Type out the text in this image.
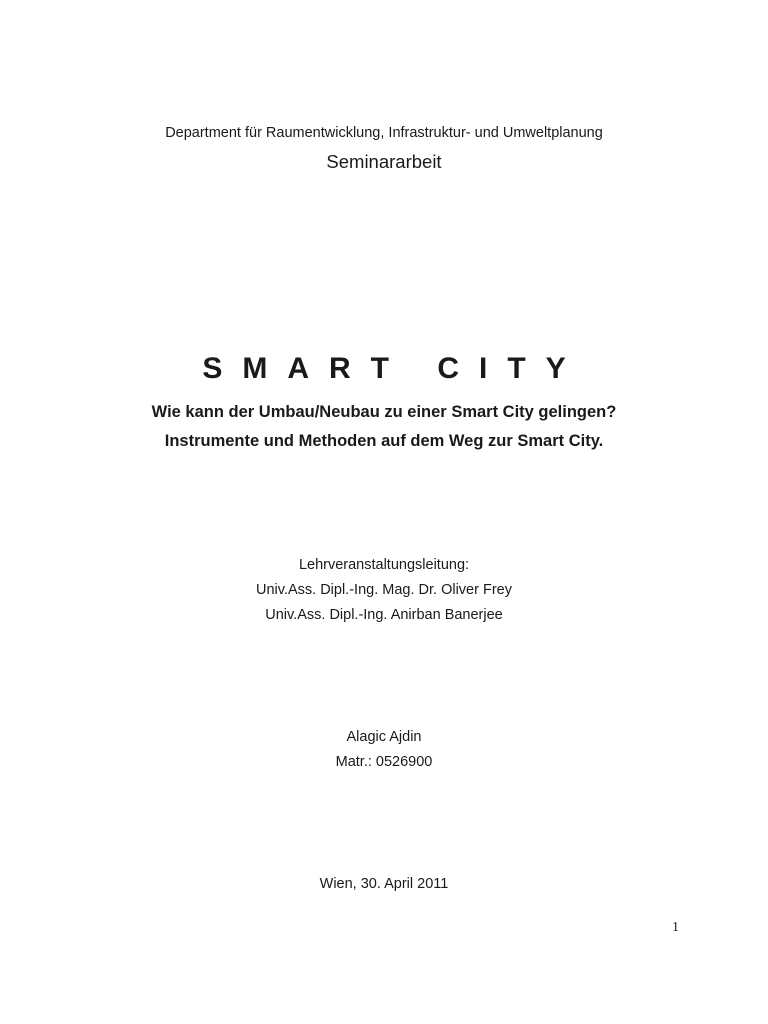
Department für Raumentwicklung, Infrastruktur- und Umweltplanung
Seminararbeit
SMART CITY
Wie kann der Umbau/Neubau zu einer Smart City gelingen?
Instrumente und Methoden auf dem Weg zur Smart City.
Lehrveranstaltungsleitung:
Univ.Ass. Dipl.-Ing. Mag. Dr. Oliver Frey
Univ.Ass. Dipl.-Ing. Anirban Banerjee
Alagic Ajdin
Matr.: 0526900
Wien, 30. April 2011
1
